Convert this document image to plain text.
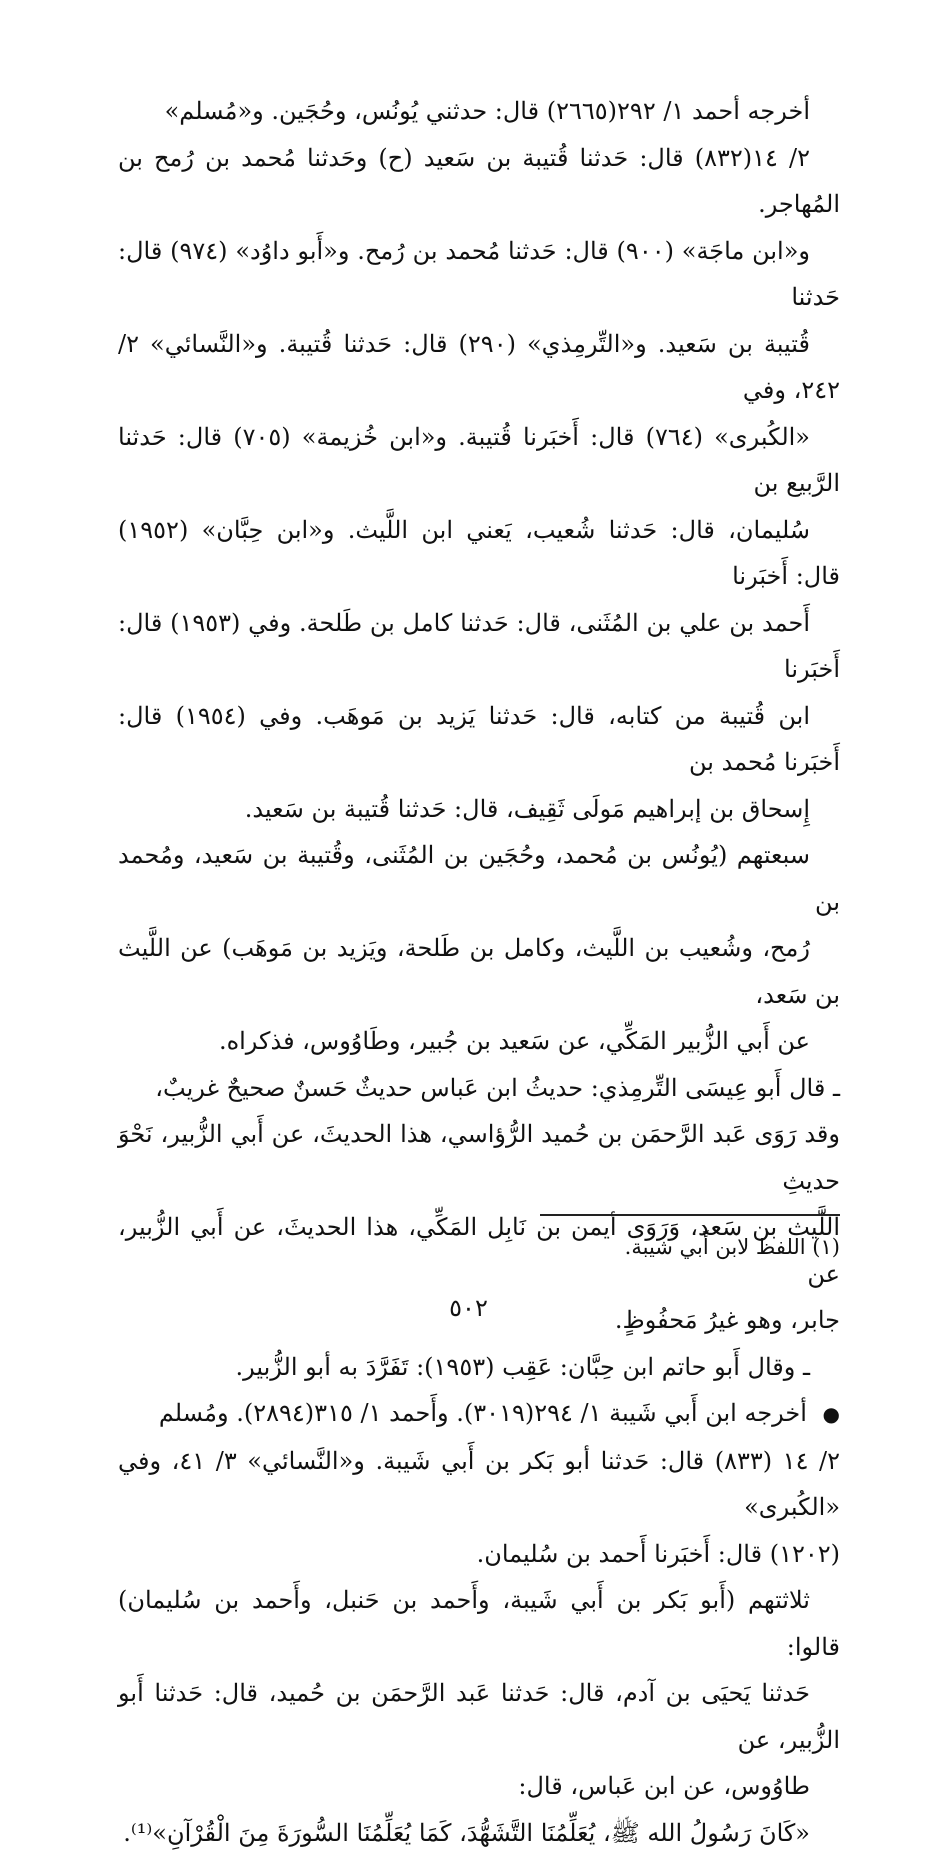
أخرجه أحمد ١/ ٢٩٢(٢٦٦٥) قال: حدثني يُونُس، وحُجَين. و«مُسلم»
٢/ ١٤(٨٣٢) قال: حَدثنا قُتيبة بن سَعيد (ح) وحَدثنا مُحمد بن رُمح بن المُهاجر.
و«ابن ماجَة» (٩٠٠) قال: حَدثنا مُحمد بن رُمح. و«أَبو داوُد» (٩٧٤) قال: حَدثنا
قُتيبة بن سَعيد. و«التِّرمِذي» (٢٩٠) قال: حَدثنا قُتيبة. و«النَّسائي» ٢/ ٢٤٢، وفي
«الكُبرى» (٧٦٤) قال: أَخبَرنا قُتيبة. و«ابن خُزيمة» (٧٠٥) قال: حَدثنا الرَّبيع بن
سُليمان، قال: حَدثنا شُعيب، يَعني ابن اللَّيث. و«ابن حِبَّان» (١٩٥٢) قال: أَخبَرنا
أَحمد بن علي بن المُثَنى، قال: حَدثنا كامل بن طَلحة. وفي (١٩٥٣) قال: أَخبَرنا
ابن قُتيبة من كتابه، قال: حَدثنا يَزيد بن مَوهَب. وفي (١٩٥٤) قال: أَخبَرنا مُحمد بن
إِسحاق بن إبراهيم مَولَى ثَقِيف، قال: حَدثنا قُتيبة بن سَعيد.

سبعتهم (يُونُس بن مُحمد، وحُجَين بن المُثَنى، وقُتيبة بن سَعيد، ومُحمد بن
رُمح، وشُعيب بن اللَّيث، وكامل بن طَلحة، ويَزيد بن مَوهَب) عن اللَّيث بن سَعد،
عن أَبي الزُّبير المَكِّي، عن سَعيد بن جُبير، وطَاوُوس، فذكراه.

ـ قال أَبو عِيسَى التِّرمِذي: حديثُ ابن عَباس حديثٌ حَسنٌ صحيحٌ غريبٌ،
وقد رَوَى عَبد الرَّحمَن بن حُميد الرُّؤاسي، هذا الحديثَ، عن أَبي الزُّبير، نَحْوَ حديثِ
اللَّيث بن سَعد، وَرَوَى أيمن بن نَابِل المَكِّي، هذا الحديثَ، عن أَبي الزُّبير، عن
جابر، وهو غيرُ مَحفُوظٍ.

ـ وقال أَبو حاتم ابن حِبَّان: عَقِب (١٩٥٣): تَفَرَّدَ به أبو الزُّبير.

● أخرجه ابن أَبي شَيبة ١/ ٢٩٤(٣٠١٩). وأَحمد ١/ ٣١٥(٢٨٩٤). ومُسلم
٢/ ١٤ (٨٣٣) قال: حَدثنا أبو بَكر بن أَبي شَيبة. و«النَّسائي» ٣/ ٤١، وفي «الكُبرى»
(١٢٠٢) قال: أَخبَرنا أَحمد بن سُليمان.

ثلاثتهم (أَبو بَكر بن أَبي شَيبة، وأَحمد بن حَنبل، وأَحمد بن سُليمان) قالوا:
حَدثنا يَحيَى بن آدم، قال: حَدثنا عَبد الرَّحمَن بن حُميد، قال: حَدثنا أَبو الزُّبير، عن
طاوُوس، عن ابن عَباس، قال:

«كَانَ رَسُولُ الله ﷺ، يُعَلِّمُنَا التَّشَهُّدَ، كَمَا يُعَلِّمُنَا السُّورَةَ مِنَ الْقُرْآنِ»⁽¹⁾.

(١) اللفظ لابن أَبي شيبة.
٥٠٢
